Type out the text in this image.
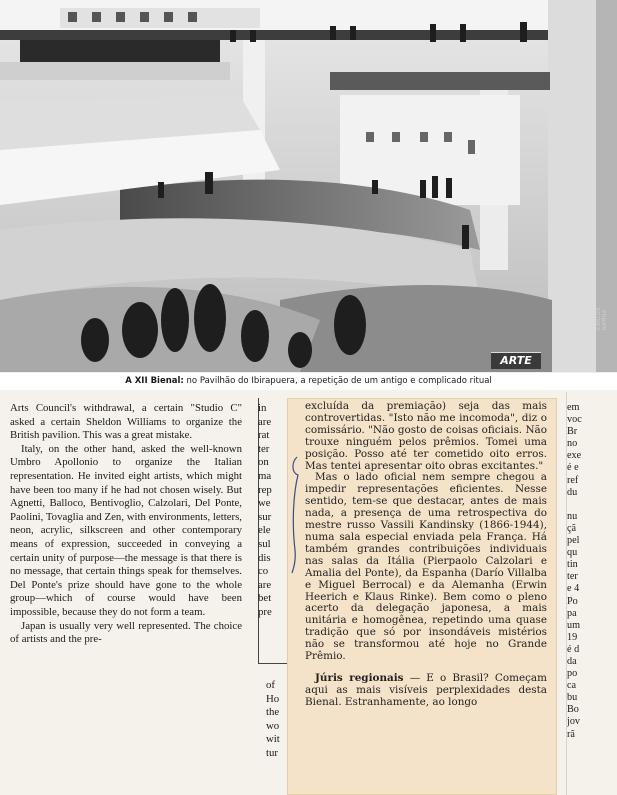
ARTE
CARLOS NAMBA
A XII Bienal: no Pavilhão do Ibirapuera, a repetição de um antigo e complicado ritual

Arts Council's withdrawal, a certain "Studio C" asked a certain Sheldon Williams to organize the British pavilion. This was a great mistake.

Italy, on the other hand, asked the well-known Umbro Apollonio to organize the Italian representation. He invited eight artists, which might have been too many if he had not chosen wisely. But Agnetti, Balloco, Bentivoglio, Calzolari, Del Ponte, Paolini, Tovaglia and Zen, with environments, letters, neon, acrylic, silkscreen and other contemporary means of expression, succeeded in conveying a certain unity of purpose—the message is that there is no message, that certain things speak for themselves. Del Ponte's prize should have gone to the whole group—which of course would have been impossible, because they do not form a team.

Japan is usually very well represented. The choice of artists and the pre-

in
are
rat
ter
on
ma
rep
we
sur
ele
sul
dis
co
are
bet
pre
of
Ho
the
wo
wit
tur

excluída da premiação) seja das mais controvertidas. "Isto não me incomoda", diz o comissário. "Não gosto de coisas oficiais. Não trouxe ninguém pelos prêmios. Tomei uma posição. Posso até ter cometido oito erros. Mas tentei apresentar oito obras excitantes."

Mas o lado oficial nem sempre chegou a impedir representações eficientes. Nesse sentido, tem-se que destacar, antes de mais nada, a presença de uma retrospectiva do mestre russo Vassili Kandinsky (1866-1944), numa sala especial enviada pela França. Há também grandes contribuições individuais nas salas da Itália (Pierpaolo Calzolari e Amalia del Ponte), da Espanha (Darío Villalba e Miguel Berrocal) e da Alemanha (Erwin Heerich e Klaus Rinke). Bem como o pleno acerto da delegação japonesa, a mais unitária e homogênea, repetindo uma quase tradição que só por insondáveis mistérios não se transformou até hoje no Grande Prêmio.

Júris regionais — E o Brasil? Começam aqui as mais visíveis perplexidades desta Bienal. Estranhamente, ao longo

em
voc
Br
no
exe
é e
ref
du
nu
çã
pel
qu
tin
ter
e 4
Po
pa
um
19
é d
da
po
ca
bu
Bo
jov
rã
